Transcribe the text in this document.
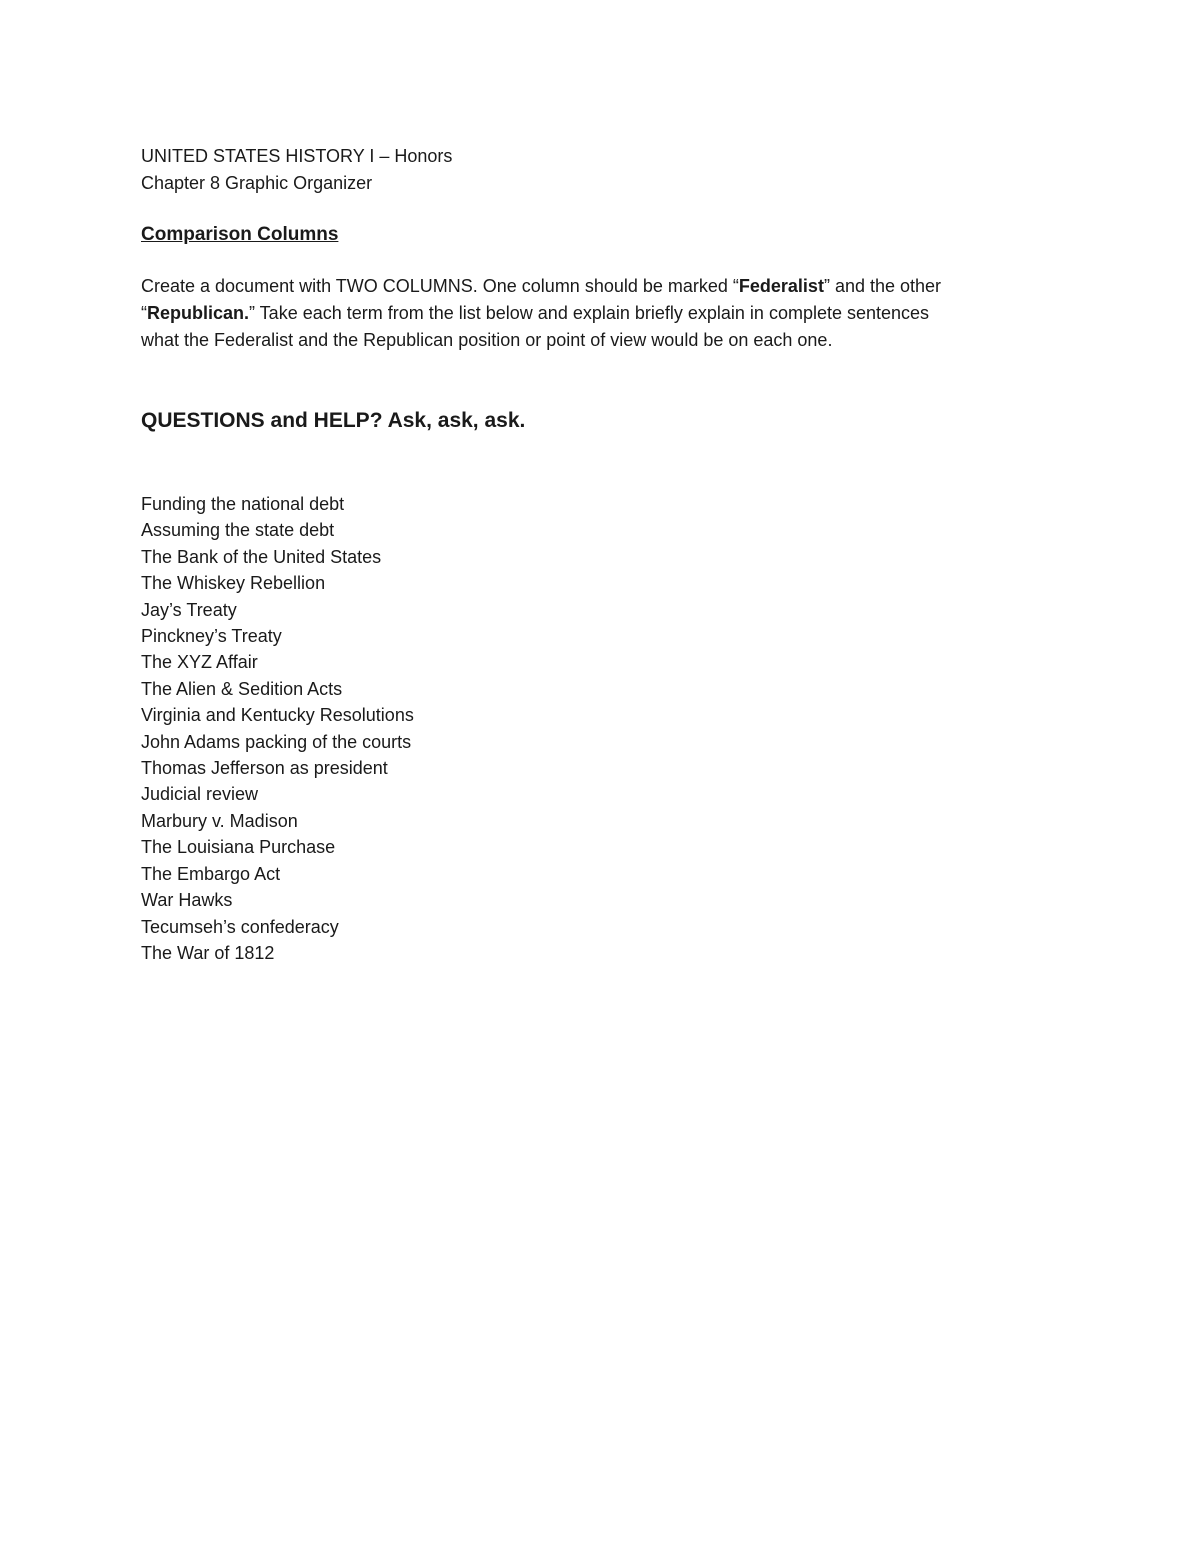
UNITED STATES HISTORY I – Honors
Chapter 8 Graphic Organizer
Comparison Columns

Create a document with TWO COLUMNS. One column should be marked “Federalist” and the other

“Republican.” Take each term from the list below and explain briefly explain in complete sentences

what the Federalist and the Republican position or point of view would be on each one.

QUESTIONS and HELP? Ask, ask, ask.
Funding the national debt
Assuming the state debt
The Bank of the United States
The Whiskey Rebellion
Jay’s Treaty
Pinckney’s Treaty
The XYZ Affair
The Alien & Sedition Acts
Virginia and Kentucky Resolutions
John Adams packing of the courts
Thomas Jefferson as president
Judicial review
Marbury v. Madison
The Louisiana Purchase
The Embargo Act
War Hawks
Tecumseh’s confederacy
The War of 1812
